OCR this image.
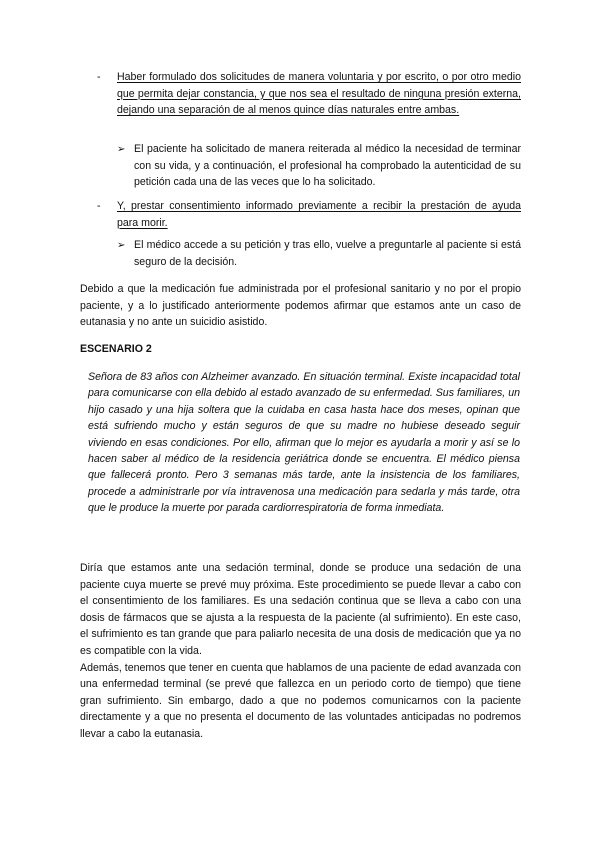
- Haber formulado dos solicitudes de manera voluntaria y por escrito, o por otro medio que permita dejar constancia, y que nos sea el resultado de ninguna presión externa, dejando una separación de al menos quince días naturales entre ambas.
➢ El paciente ha solicitado de manera reiterada al médico la necesidad de terminar con su vida, y a continuación, el profesional ha comprobado la autenticidad de su petición cada una de las veces que lo ha solicitado.
- Y, prestar consentimiento informado previamente a recibir la prestación de ayuda para morir.
➢ El médico accede a su petición y tras ello, vuelve a preguntarle al paciente si está seguro de la decisión.
Debido a que la medicación fue administrada por el profesional sanitario y no por el propio paciente, y a lo justificado anteriormente podemos afirmar que estamos ante un caso de eutanasia y no ante un suicidio asistido.
ESCENARIO 2
Señora de 83 años con Alzheimer avanzado. En situación terminal. Existe incapacidad total para comunicarse con ella debido al estado avanzado de su enfermedad. Sus familiares, un hijo casado y una hija soltera que la cuidaba en casa hasta hace dos meses, opinan que está sufriendo mucho y están seguros de que su madre no hubiese deseado seguir viviendo en esas condiciones. Por ello, afirman que lo mejor es ayudarla a morir y así se lo hacen saber al médico de la residencia geriátrica donde se encuentra. El médico piensa que fallecerá pronto. Pero 3 semanas más tarde, ante la insistencia de los familiares, procede a administrarle por vía intravenosa una medicación para sedarla y más tarde, otra que le produce la muerte por parada cardiorrespiratoria de forma inmediata.

Diría que estamos ante una sedación terminal, donde se produce una sedación de una paciente cuya muerte se prevé muy próxima. Este procedimiento se puede llevar a cabo con el consentimiento de los familiares. Es una sedación continua que se lleva a cabo con una dosis de fármacos que se ajusta a la respuesta de la paciente (al sufrimiento). En este caso, el sufrimiento es tan grande que para paliarlo necesita de una dosis de medicación que ya no es compatible con la vida.

Además, tenemos que tener en cuenta que hablamos de una paciente de edad avanzada con una enfermedad terminal (se prevé que fallezca en un periodo corto de tiempo) que tiene gran sufrimiento. Sin embargo, dado a que no podemos comunicarnos con la paciente directamente y a que no presenta el documento de las voluntades anticipadas no podremos llevar a cabo la eutanasia.
